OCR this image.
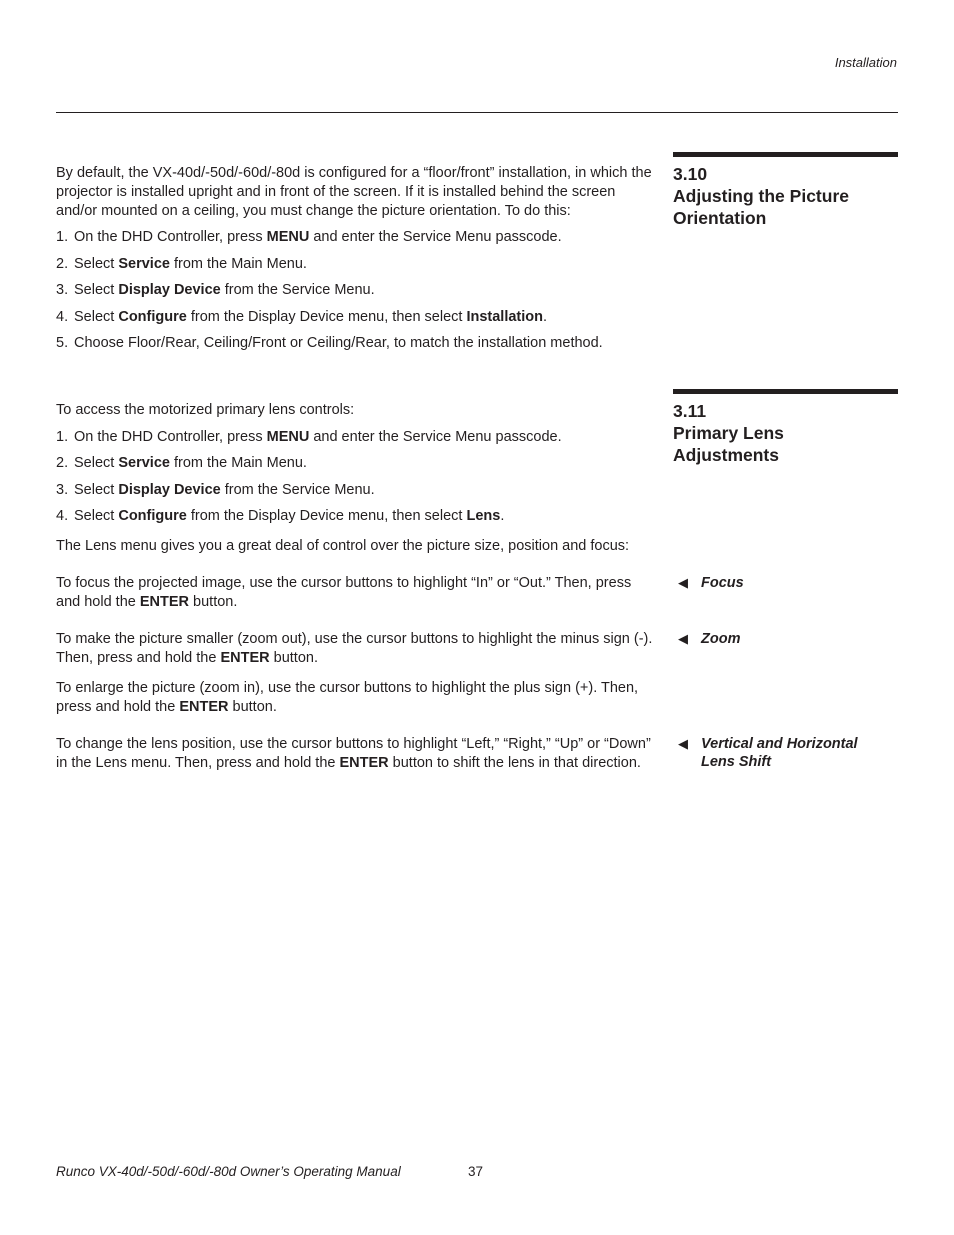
Installation
3.10
Adjusting the Picture
Orientation
By default, the VX-40d/-50d/-60d/-80d is configured for a “floor/front” installation, in which the projector is installed upright and in front of the screen. If it is installed behind the screen and/or mounted on a ceiling, you must change the picture orientation. To do this:
1. On the DHD Controller, press MENU and enter the Service Menu passcode.
2. Select Service from the Main Menu.
3. Select Display Device from the Service Menu.
4. Select Configure from the Display Device menu, then select Installation.
5. Choose Floor/Rear, Ceiling/Front or Ceiling/Rear, to match the installation method.
3.11
Primary Lens
Adjustments
To access the motorized primary lens controls:
1. On the DHD Controller, press MENU and enter the Service Menu passcode.
2. Select Service from the Main Menu.
3. Select Display Device from the Service Menu.
4. Select Configure from the Display Device menu, then select Lens.
The Lens menu gives you a great deal of control over the picture size, position and focus:
◀ Focus
To focus the projected image, use the cursor buttons to highlight “In” or “Out.” Then, press and hold the ENTER button.
◀ Zoom
To make the picture smaller (zoom out), use the cursor buttons to highlight the minus sign (-). Then, press and hold the ENTER button.
To enlarge the picture (zoom in), use the cursor buttons to highlight the plus sign (+). Then, press and hold the ENTER button.
◀ Vertical and Horizontal
Lens Shift
To change the lens position, use the cursor buttons to highlight “Left,” “Right,” “Up” or “Down” in the Lens menu. Then, press and hold the ENTER button to shift the lens in that direction.
Runco VX-40d/-50d/-60d/-80d Owner’s Operating Manual	37
